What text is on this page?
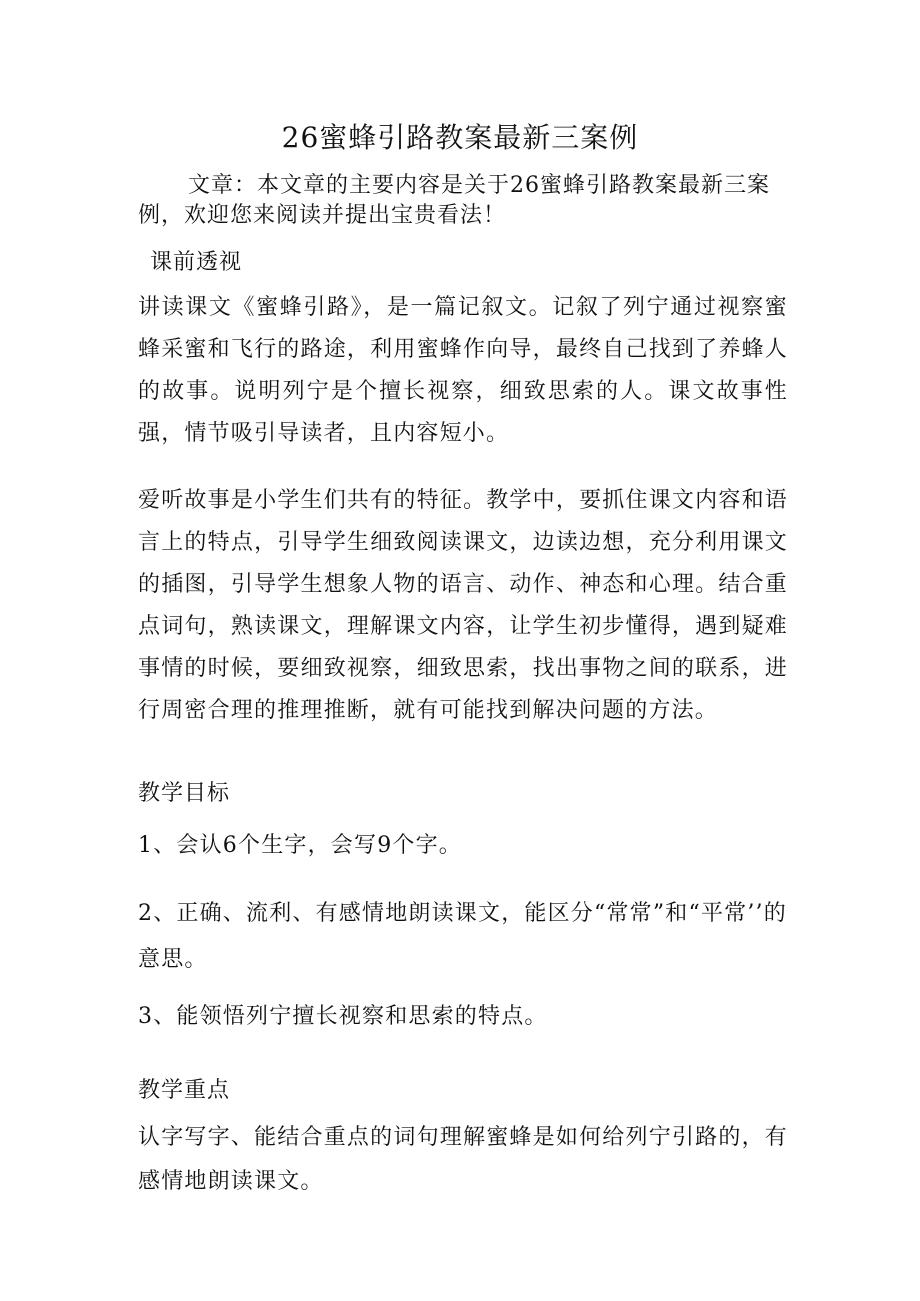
26蜜蜂引路教案最新三案例

文章：本文章的主要内容是关于26蜜蜂引路教案最新三案例，欢迎您来阅读并提出宝贵看法！

课前透视

讲读课文《蜜蜂引路》，是一篇记叙文。记叙了列宁通过视察蜜蜂采蜜和飞行的路途，利用蜜蜂作向导，最终自己找到了养蜂人的故事。说明列宁是个擅长视察，细致思索的人。课文故事性强，情节吸引导读者，且内容短小。

爱听故事是小学生们共有的特征。教学中，要抓住课文内容和语言上的特点，引导学生细致阅读课文，边读边想，充分利用课文的插图，引导学生想象人物的语言、动作、神态和心理。结合重点词句，熟读课文，理解课文内容，让学生初步懂得，遇到疑难事情的时候，要细致视察，细致思索，找出事物之间的联系，进行周密合理的推理推断，就有可能找到解决问题的方法。

教学目标

1、会认6个生字，会写9个字。

2、正确、流利、有感情地朗读课文，能区分“常常”和“平常’’的意思。

3、能领悟列宁擅长视察和思索的特点。

教学重点

认字写字、能结合重点的词句理解蜜蜂是如何给列宁引路的，有感情地朗读课文。
